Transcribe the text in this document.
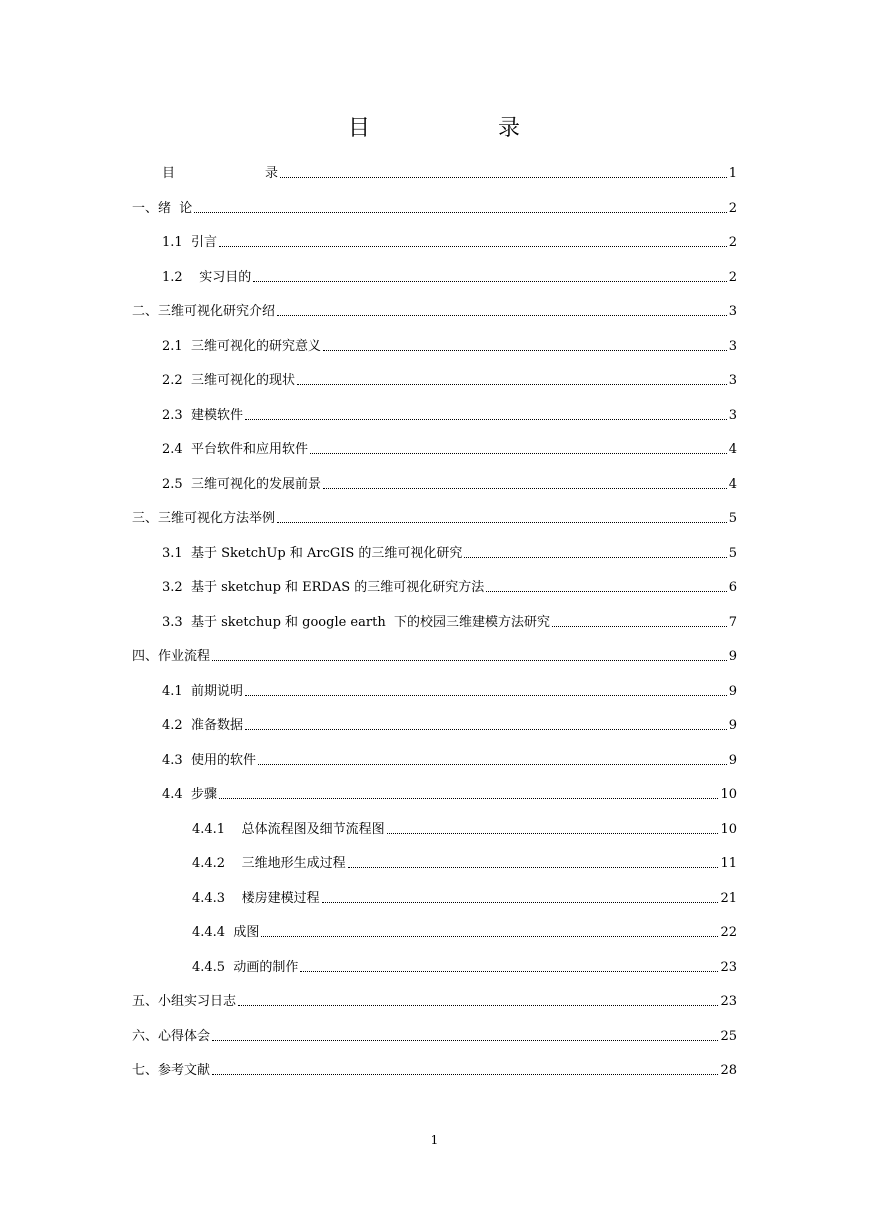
目	录
目	录	1
一、绪  论	2
1.1  引言	2
1.2    实习目的	2
二、三维可视化研究介绍	3
2.1  三维可视化的研究意义	3
2.2  三维可视化的现状	3
2.3  建模软件	3
2.4  平台软件和应用软件	4
2.5  三维可视化的发展前景	4
三、三维可视化方法举例	5
3.1  基于 SketchUp 和 ArcGIS 的三维可视化研究	5
3.2  基于 sketchup 和 ERDAS 的三维可视化研究方法	6
3.3  基于 sketchup 和 google earth  下的校园三维建模方法研究	7
四、作业流程	9
4.1  前期说明	9
4.2  准备数据	9
4.3  使用的软件	9
4.4  步骤	10
4.4.1    总体流程图及细节流程图	10
4.4.2    三维地形生成过程	11
4.4.3    楼房建模过程	21
4.4.4  成图	22
4.4.5  动画的制作	23
五、小组实习日志	23
六、心得体会	25
七、参考文献	28
1
